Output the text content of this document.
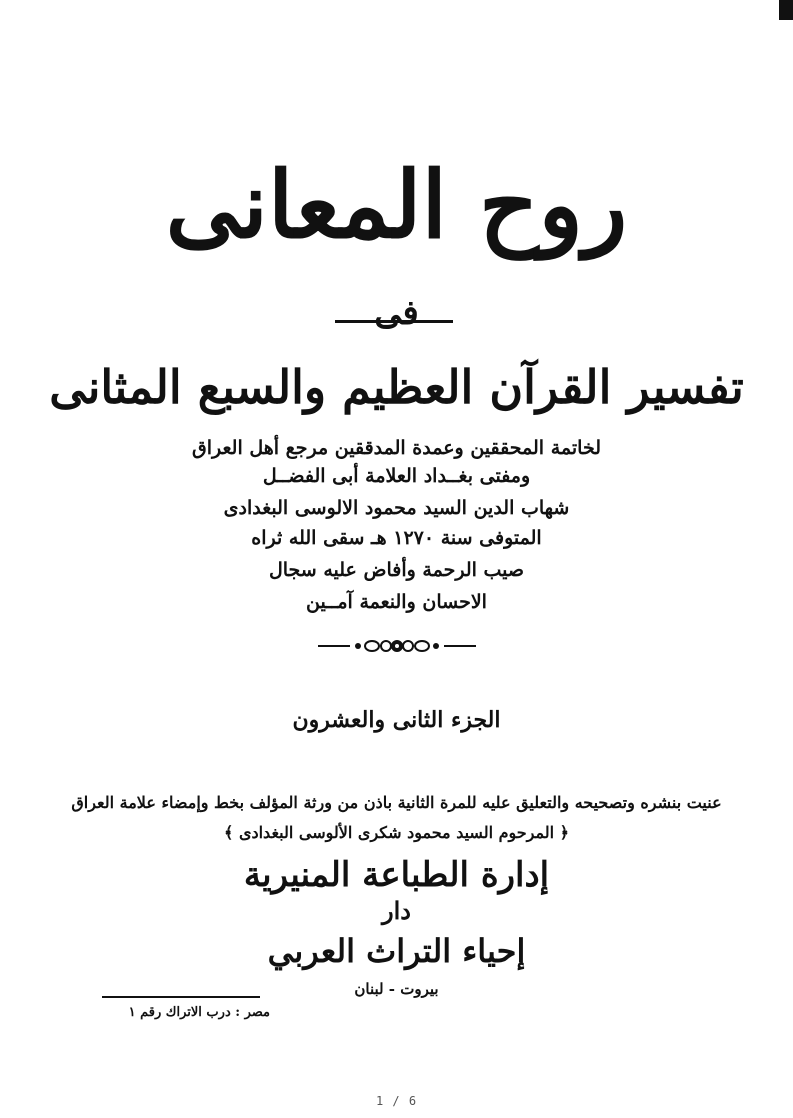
روح المعانى
فى
تفسير القرآن العظيم والسبع المثانى
لخاتمة المحققين وعمدة المدققين مرجع أهل العراق
ومفتى بغــداد العلامة أبى الفضــل
شهاب الدين السيد محمود الالوسى البغدادى
المتوفى سنة ١٢٧٠ هـ سقى الله ثراه
صيب الرحمة وأفاض عليه سجال
الاحسان والنعمة آمــين
الجزء الثانى والعشرون
عنيت بنشره وتصحيحه والتعليق عليه للمرة الثانية باذن من ورثة المؤلف بخط وإمضاء علامة العراق
﴿ المرحوم السيد محمود شكرى الألوسى البغدادى ﴾
إدارة الطباعة المنيرية
دار
إحياء التراث العربي
بيروت - لبنان
مصر : درب الاتراك رقم ١
1 / 6
